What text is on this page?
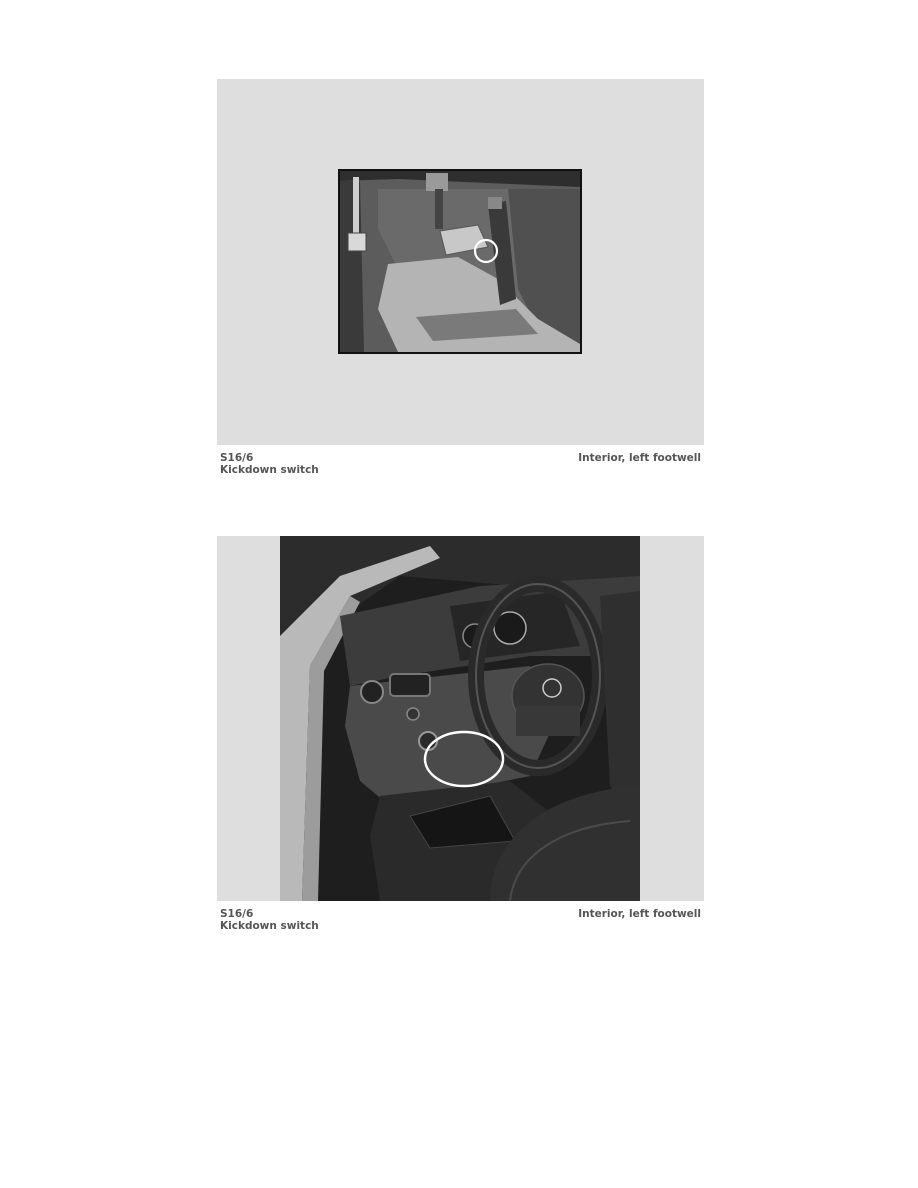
S16/6
Kickdown switch
Interior, left footwell
S16/6
Kickdown switch
Interior, left footwell
